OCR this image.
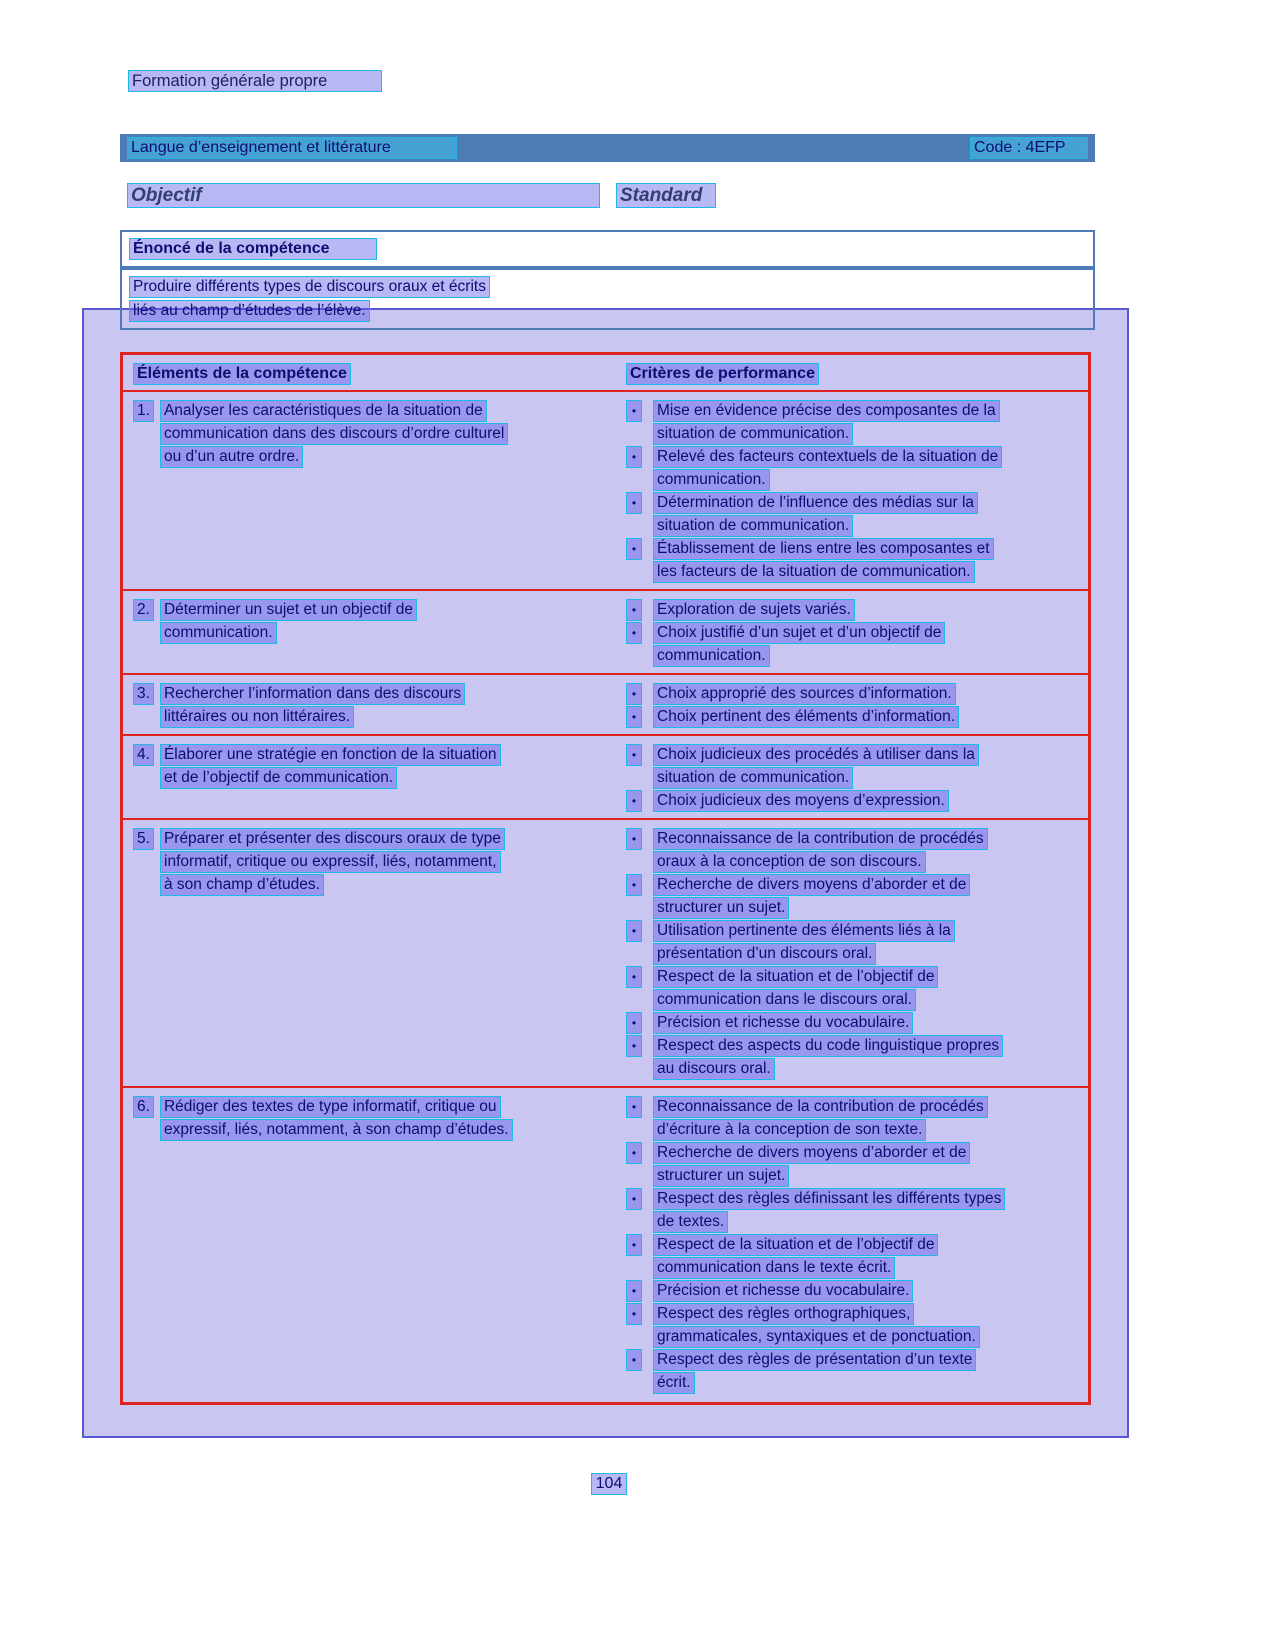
Formation générale propre
Langue d’enseignement et littérature	Code : 4EFP
Objectif	Standard
Énoncé de la compétence
Produire différents types de discours oraux et écrits
liés au champ d’études de l’élève.
Éléments de la compétence	Critères de performance
1. Analyser les caractéristiques de la situation de
communication dans des discours d’ordre culturel
ou d’un autre ordre.
•	Mise en évidence précise des composantes de la
situation de communication.
•	Relevé des facteurs contextuels de la situation de
communication.
•	Détermination de l’influence des médias sur la
situation de communication.
•	Établissement de liens entre les composantes et
les facteurs de la situation de communication.
2. Déterminer un sujet et un objectif de
communication.
•	Exploration de sujets variés.
•	Choix justifié d’un sujet et d’un objectif de
communication.
3. Rechercher l’information dans des discours
littéraires ou non littéraires.
•	Choix approprié des sources d’information.
•	Choix pertinent des éléments d’information.
4. Élaborer une stratégie en fonction de la situation
et de l’objectif de communication.
•	Choix judicieux des procédés à utiliser dans la
situation de communication.
•	Choix judicieux des moyens d’expression.
5. Préparer et présenter des discours oraux de type
informatif, critique ou expressif, liés, notamment,
à son champ d’études.
•	Reconnaissance de la contribution de procédés
oraux à la conception de son discours.
•	Recherche de divers moyens d’aborder et de
structurer un sujet.
•	Utilisation pertinente des éléments liés à la
présentation d’un discours oral.
•	Respect de la situation et de l’objectif de
communication dans le discours oral.
•	Précision et richesse du vocabulaire.
•	Respect des aspects du code linguistique propres
au discours oral.
6. Rédiger des textes de type informatif, critique ou
expressif, liés, notamment, à son champ d’études.
•	Reconnaissance de la contribution de procédés
d’écriture à la conception de son texte.
•	Recherche de divers moyens d’aborder et de
structurer un sujet.
•	Respect des règles définissant les différents types
de textes.
•	Respect de la situation et de l’objectif de
communication dans le texte écrit.
•	Précision et richesse du vocabulaire.
•	Respect des règles orthographiques,
grammaticales, syntaxiques et de ponctuation.
•	Respect des règles de présentation d’un texte
écrit.
104
